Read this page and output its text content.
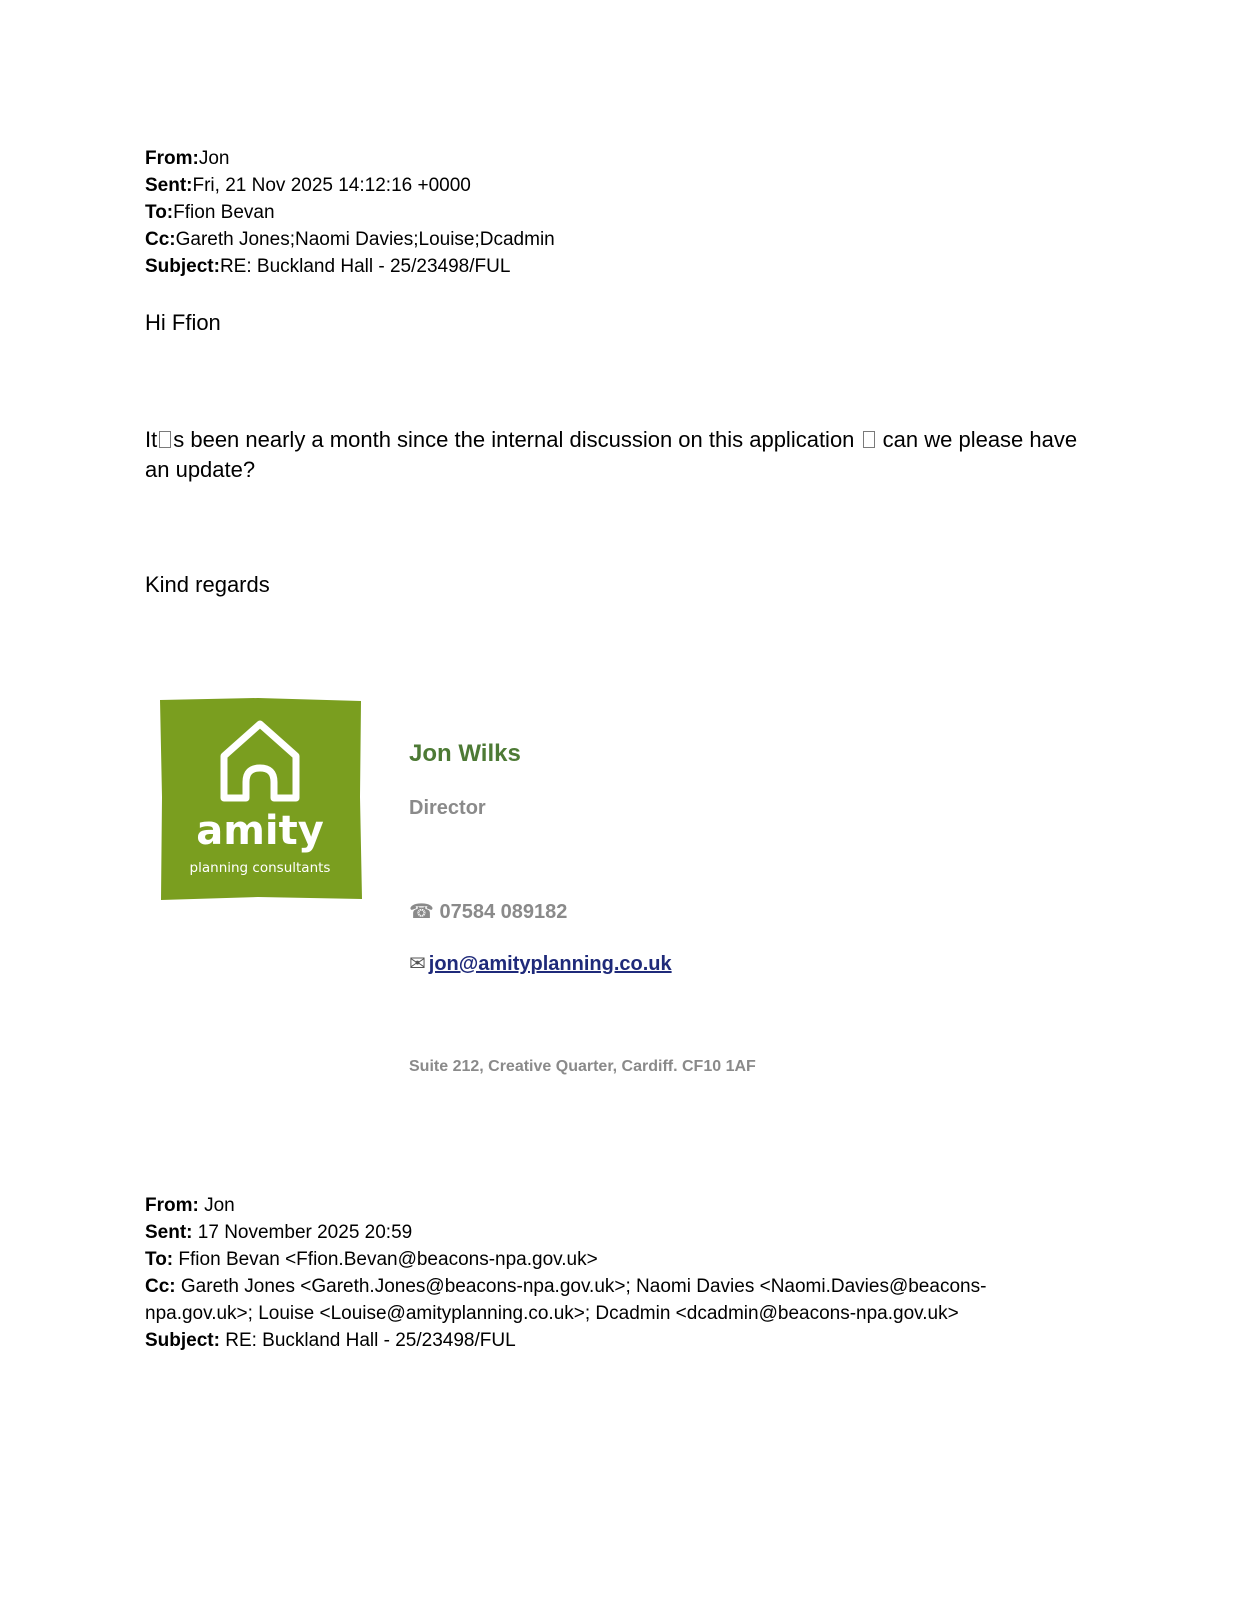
From:Jon
Sent:Fri, 21 Nov 2025 14:12:16 +0000
To:Ffion Bevan
Cc:Gareth Jones;Naomi Davies;Louise;Dcadmin
Subject:RE: Buckland Hall - 25/23498/FUL
Hi Ffion
It s been nearly a month since the internal discussion on this application  can we please have an update?
Kind regards
amity
planning consultants
Jon Wilks
Director
☎ 07584 089182
✉ jon@amityplanning.co.uk
Suite 212, Creative Quarter, Cardiff. CF10 1AF
From: Jon
Sent: 17 November 2025 20:59
To: Ffion Bevan <Ffion.Bevan@beacons-npa.gov.uk>
Cc: Gareth Jones <Gareth.Jones@beacons-npa.gov.uk>; Naomi Davies <Naomi.Davies@beacons-npa.gov.uk>; Louise <Louise@amityplanning.co.uk>; Dcadmin <dcadmin@beacons-npa.gov.uk>
Subject: RE: Buckland Hall - 25/23498/FUL
